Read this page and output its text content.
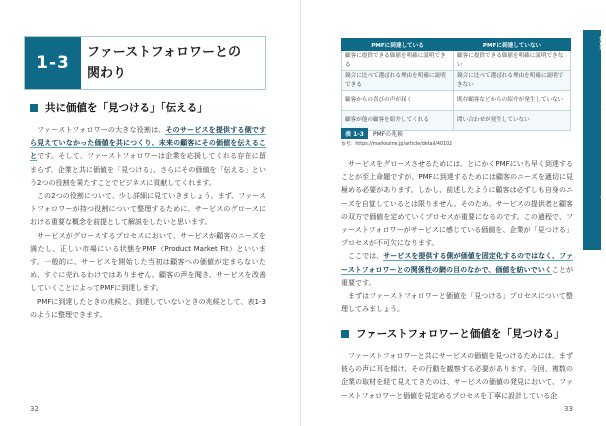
1-3
ファーストフォロワーとの
関わり
共に価値を「見つける」「伝える」

ファーストフォロワーの大きな役割は、そのサービスを提供する側ですら見えていなかった価値を共につくり、未来の顧客にその価値を伝えることです。そして、ファーストフォロワーは企業を応援してくれる存在に留まらず、企業と共に価値を「見つける」、さらにその価値を「伝える」という2つの役割を果たすことでビジネスに貢献してくれます。

この2つの役割について、少し詳細に見ていきましょう。まず、ファーストフォロワーが持つ役割について整理するために、サービスのグロースにおける重要な概念を前提として解説をしたいと思います。

サービスがグロースするプロセスにおいて、サービスが顧客のニーズを満たし、正しい市場にいる状態をPMF（Product Market Fit）といいます。一般的に、サービスを開始した当初は顧客への価値が定まらないため、すぐに売れるわけではありません。顧客の声を聞き、サービスを改善していくことによってPMFに到達します。

PMFに到達したときの兆候と、到達していないときの兆候として、表1-3のように整理できます。

32
PMFに到達している	PMFに到達していない
顧客に提供できる価値を明確に説明できる	顧客に提供できる価値を明確に説明できない
競合に比べて選ばれる理由を明確に説明できる	競合に比べて選ばれる理由を明確に説明できない
顧客からの喜びの声が届く	既存顧客などからの紹介が発生していない
顧客が他の顧客を紹介してくれる	問い合わせが発生していない
表 1-3	PMFの兆候
参考：https://markezine.jp/article/detail/40102

サービスをグロースさせるためには、とにかくPMFにいち早く到達することが至上命題ですが、PMFに到達するためには顧客のニーズを適切に見極める必要があります。しかし、前述したように顧客は必ずしも自身のニーズを自覚しているとは限りません。そのため、サービスの提供者と顧客の双方で価値を定めていくプロセスが重要になるのです。この過程で、ファーストフォロワーがサービスに感じている価値を、企業が「見つける」プロセスが不可欠になります。

ここでは、サービスを提供する側が価値を固定化するのではなく、ファーストフォロワーとの関係性の網の目のなかで、価値を紡いでいくことが重要です。

まずはファーストフォロワーと価値を「見つける」プロセスについて整理してみましょう。

ファーストフォロワーと価値を「見つける」

ファーストフォロワーと共にサービスの価値を見つけるためには、まず彼らの声に耳を傾け、その行動を観察する必要があります。今回、複数の企業の取材を経て見えてきたのは、サービスの価値の発見において、ファーストフォロワーと価値を見定めるプロセスを丁寧に設計している企

第1章
企業にとって重要な「ファーストフォロワー」
33
